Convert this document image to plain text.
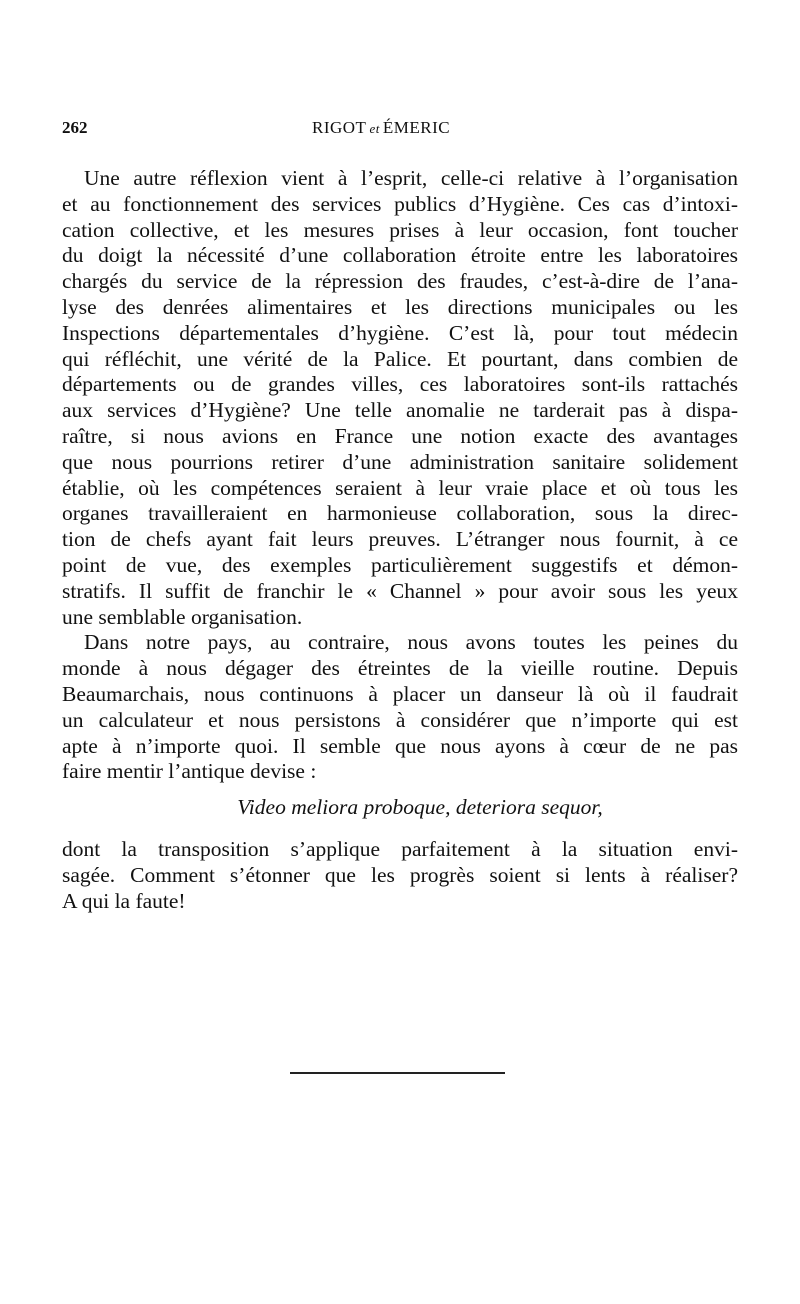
262	RIGOT et ÉMERIC
Une autre réflexion vient à l’esprit, celle-ci relative à l’organisation
et au fonctionnement des services publics d’Hygiène. Ces cas d’intoxi-
cation collective, et les mesures prises à leur occasion, font toucher
du doigt la nécessité d’une collaboration étroite entre les laboratoires
chargés du service de la répression des fraudes, c’est-à-dire de l’ana-
lyse des denrées alimentaires et les directions municipales ou les
Inspections départementales d’hygiène. C’est là, pour tout médecin
qui réfléchit, une vérité de la Palice. Et pourtant, dans combien de
départements ou de grandes villes, ces laboratoires sont-ils rattachés
aux services d’Hygiène? Une telle anomalie ne tarderait pas à dispa-
raître, si nous avions en France une notion exacte des avantages
que nous pourrions retirer d’une administration sanitaire solidement
établie, où les compétences seraient à leur vraie place et où tous les
organes travailleraient en harmonieuse collaboration, sous la direc-
tion de chefs ayant fait leurs preuves. L’étranger nous fournit, à ce
point de vue, des exemples particulièrement suggestifs et démon-
stratifs. Il suffit de franchir le « Channel » pour avoir sous les yeux
une semblable organisation.
Dans notre pays, au contraire, nous avons toutes les peines du
monde à nous dégager des étreintes de la vieille routine. Depuis
Beaumarchais, nous continuons à placer un danseur là où il faudrait
un calculateur et nous persistons à considérer que n’importe qui est
apte à n’importe quoi. Il semble que nous ayons à cœur de ne pas
faire mentir l’antique devise :
Video meliora proboque, deteriora sequor,
dont la transposition s’applique parfaitement à la situation envi-
sagée. Comment s’étonner que les progrès soient si lents à réaliser?
A qui la faute!
